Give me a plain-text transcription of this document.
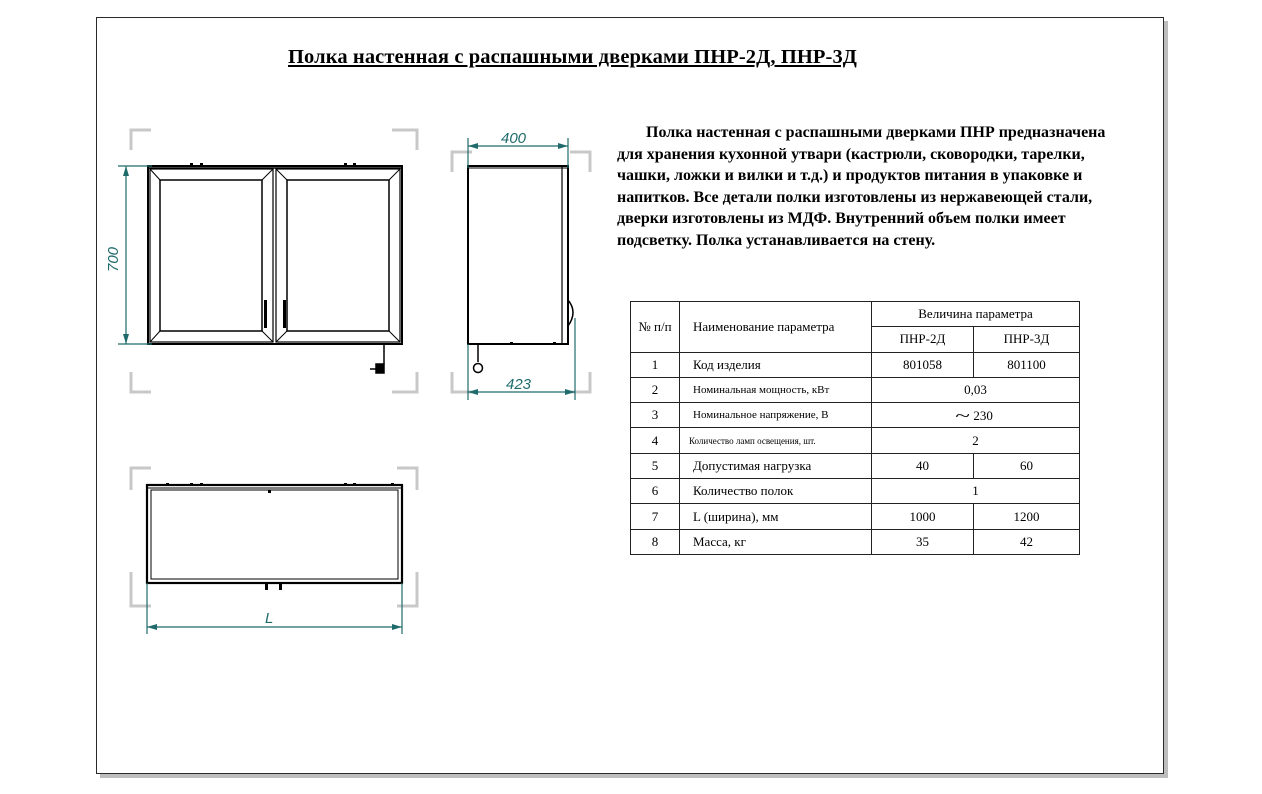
Полка настенная с распашными дверками ПНР-2Д, ПНР-3Д

Полка настенная с распашными дверками ПНР предназначена для хранения кухонной утвари (кастрюли, сковородки, тарелки, чашки, ложки и вилки и т.д.) и продуктов питания в упаковке и напитков. Все детали полки изготовлены из нержавеющей стали, дверки изготовлены из МДФ. Внутренний объем полки имеет подсветку. Полка устанавливается на стену.

700
400
423
L
№ п/п	Наименование параметра	Величина параметра	
		ПНР-2Д	ПНР-3Д
1	Код изделия	801058	801100
2	Номинальная мощность, кВт	0,03	
3	Номинальное напряжение, В	~ 230	
4	Количество ламп освещения, шт.	2	
5	Допустимая нагрузка	40	60
6	Количество полок	1	
7	L (ширина), мм	1000	1200
8	Масса, кг	35	42
